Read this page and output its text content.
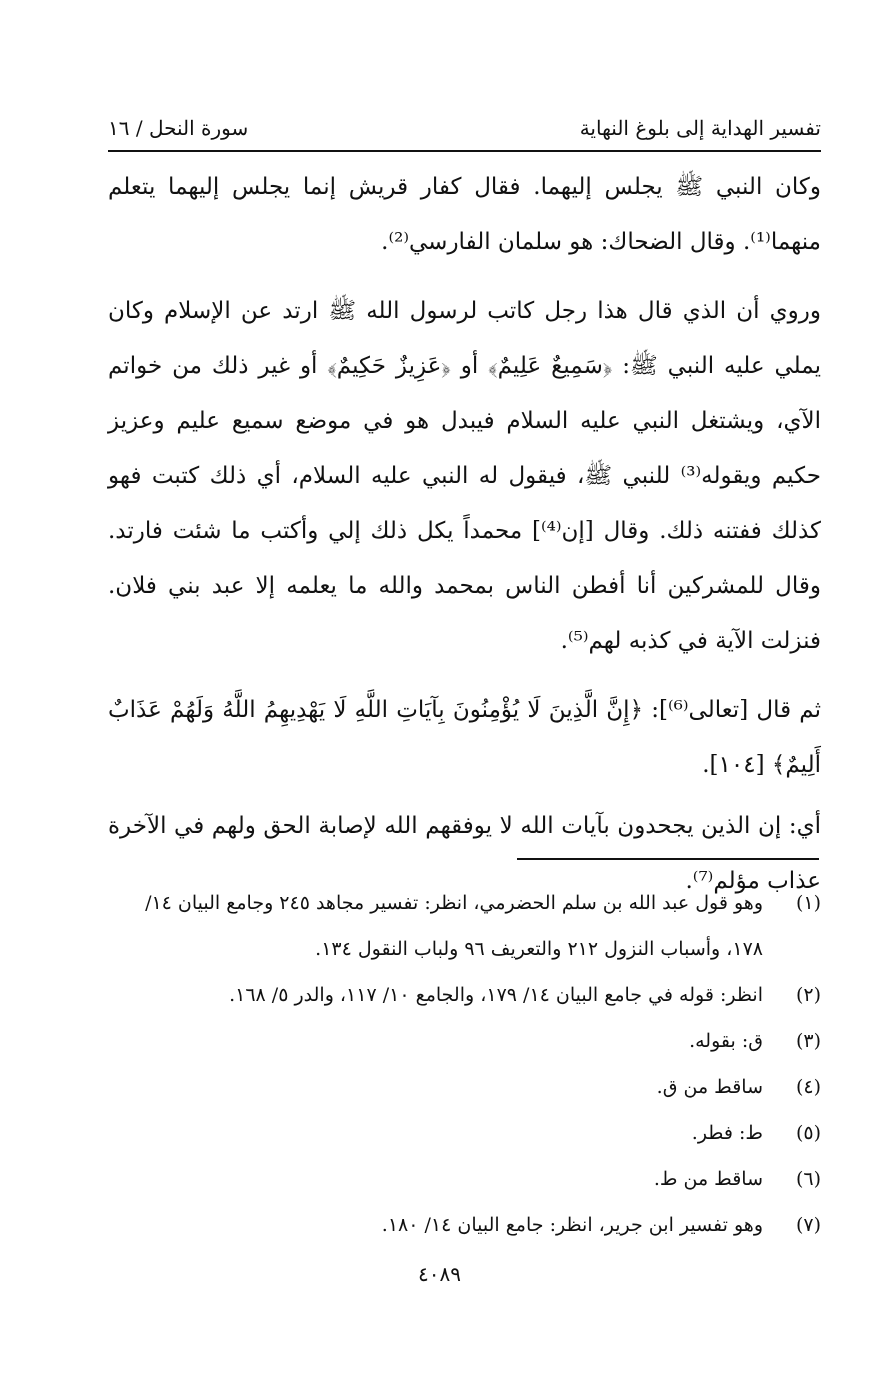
تفسير الهداية إلى بلوغ النهاية
سورة النحل / ١٦

وكان النبي ﷺ يجلس إليهما. فقال كفار قريش إنما يجلس إليهما يتعلم منهما⁽¹⁾. وقال الضحاك: هو سلمان الفارسي⁽²⁾.

وروي أن الذي قال هذا رجل كاتب لرسول الله ﷺ ارتد عن الإسلام وكان يملي عليه النبي ﷺ: ﴿سَمِيعٌ عَلِيمٌ﴾ أو ﴿عَزِيزٌ حَكِيمٌ﴾ أو غير ذلك من خواتم الآي، ويشتغل النبي عليه السلام فيبدل هو في موضع سميع عليم وعزيز حكيم ويقوله⁽³⁾ للنبي ﷺ، فيقول له النبي عليه السلام، أي ذلك كتبت فهو كذلك ففتنه ذلك. وقال [إن⁽⁴⁾] محمداً يكل ذلك إلي وأكتب ما شئت فارتد. وقال للمشركين أنا أفطن الناس بمحمد والله ما يعلمه إلا عبد بني فلان. فنزلت الآية في كذبه لهم⁽⁵⁾.

ثم قال [تعالى⁽⁶⁾]: ﴿إِنَّ الَّذِينَ لَا يُؤْمِنُونَ بِآيَاتِ اللَّهِ لَا يَهْدِيهِمُ اللَّهُ وَلَهُمْ عَذَابٌ أَلِيمٌ﴾ [١٠٤].

أي: إن الذين يجحدون بآيات الله لا يوفقهم الله لإصابة الحق ولهم في الآخرة عذاب مؤلم⁽⁷⁾.

(١)
وهو قول عبد الله بن سلم الحضرمي، انظر: تفسير مجاهد ٢٤٥ وجامع البيان ١٤/ ١٧٨، وأسباب النزول ٢١٢ والتعريف ٩٦ ولباب النقول ١٣٤.
(٢)
انظر: قوله في جامع البيان ١٤/ ١٧٩، والجامع ١٠/ ١١٧، والدر ٥/ ١٦٨.
(٣)
ق: بقوله.
(٤)
ساقط من ق.
(٥)
ط: فطر.
(٦)
ساقط من ط.
(٧)
وهو تفسير ابن جرير، انظر: جامع البيان ١٤/ ١٨٠.
٤٠٨٩
